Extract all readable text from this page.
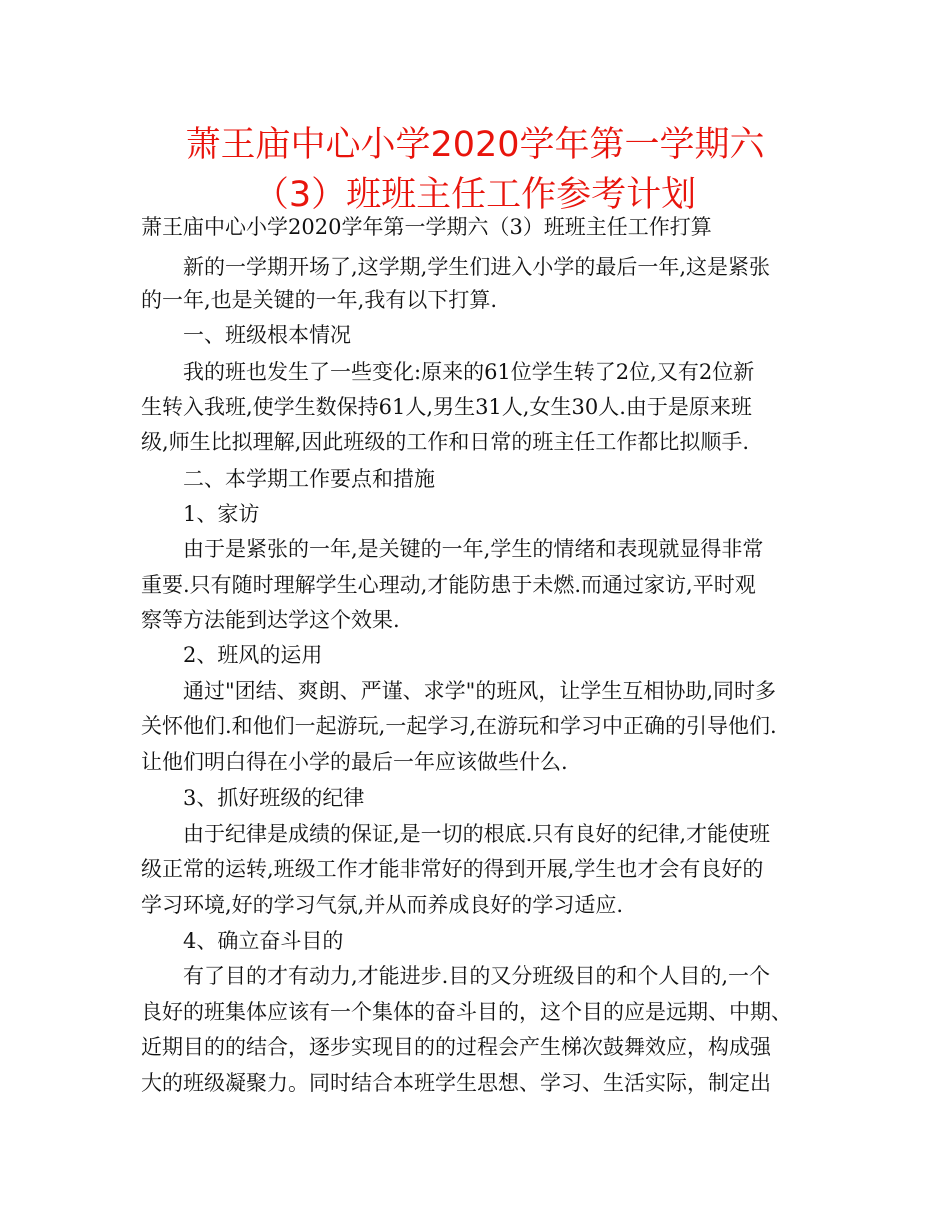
萧王庙中心小学2020学年第一学期六
（3）班班主任工作参考计划

萧王庙中心小学2020学年第一学期六（3）班班主任工作打算

新的一学期开场了,这学期,学生们进入小学的最后一年,这是紧张

的一年,也是关键的一年,我有以下打算.

一、班级根本情况

我的班也发生了一些变化:原来的61位学生转了2位,又有2位新

生转入我班,使学生数保持61人,男生31人,女生30人.由于是原来班

级,师生比拟理解,因此班级的工作和日常的班主任工作都比拟顺手.

二、本学期工作要点和措施

1、家访

由于是紧张的一年,是关键的一年,学生的情绪和表现就显得非常

重要.只有随时理解学生心理动,才能防患于未燃.而通过家访,平时观

察等方法能到达学这个效果.

2、班风的运用

通过"团结、爽朗、严谨、求学"的班风，让学生互相协助,同时多

关怀他们.和他们一起游玩,一起学习,在游玩和学习中正确的引导他们.

让他们明白得在小学的最后一年应该做些什么.

3、抓好班级的纪律

由于纪律是成绩的保证,是一切的根底.只有良好的纪律,才能使班

级正常的运转,班级工作才能非常好的得到开展,学生也才会有良好的

学习环境,好的学习气氛,并从而养成良好的学习适应.

4、确立奋斗目的

有了目的才有动力,才能进步.目的又分班级目的和个人目的,一个

良好的班集体应该有一个集体的奋斗目的，这个目的应是远期、中期、

近期目的的结合，逐步实现目的的过程会产生梯次鼓舞效应，构成强

大的班级凝聚力。同时结合本班学生思想、学习、生活实际，制定出
